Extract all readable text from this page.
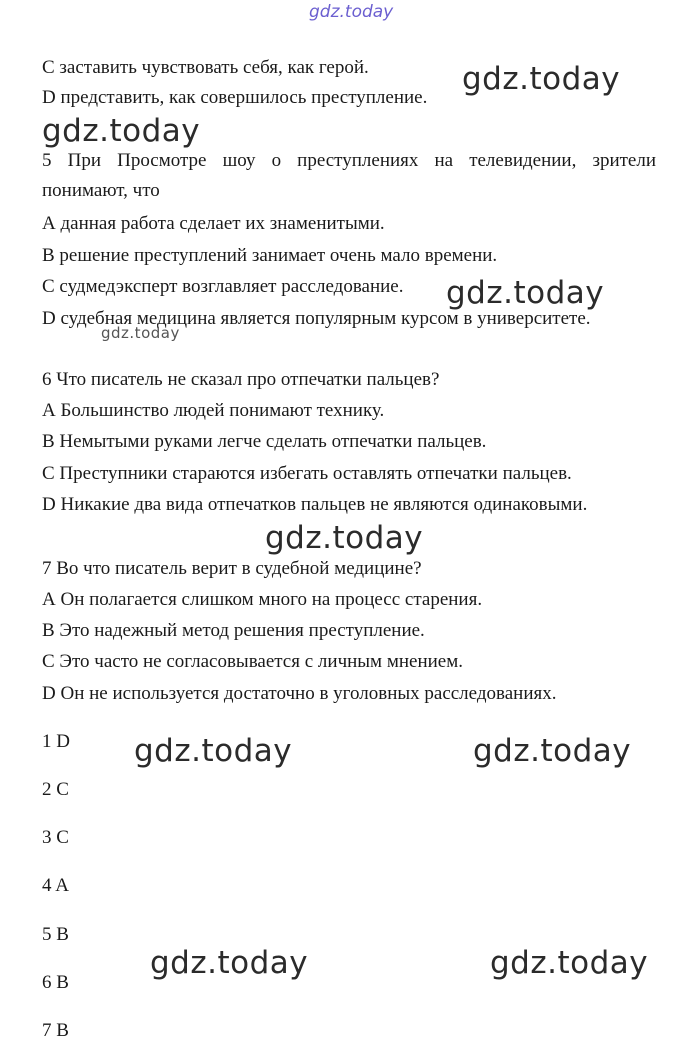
gdz.today
gdz.today
gdz.today
gdz.today
gdz.today
gdz.today
gdz.today	gdz.today
gdz.today	gdz.today
С заставить чувствовать себя, как герой.
D представить, как совершилось преступление.
5 При Просмотре шоу о преступлениях на телевидении, зрители
понимают, что
А данная работа сделает их знаменитыми.
В решение преступлений занимает очень мало времени.
С судмедэксперт возглавляет расследование.
D судебная медицина является популярным курсом в университете.
6 Что писатель не сказал про отпечатки пальцев?
А Большинство людей понимают технику.
В Немытыми руками легче сделать отпечатки пальцев.
С Преступники стараются избегать оставлять отпечатки пальцев.
D Никакие два вида отпечатков пальцев не являются одинаковыми.
7 Во что писатель верит в судебной медицине?
А Он полагается слишком много на процесс старения.
В Это надежный метод решения преступление.
С Это часто не согласовывается с личным мнением.
D Он не используется достаточно в уголовных расследованиях.
1 D
2 C
3 C
4 A
5 B
6 B
7 B
